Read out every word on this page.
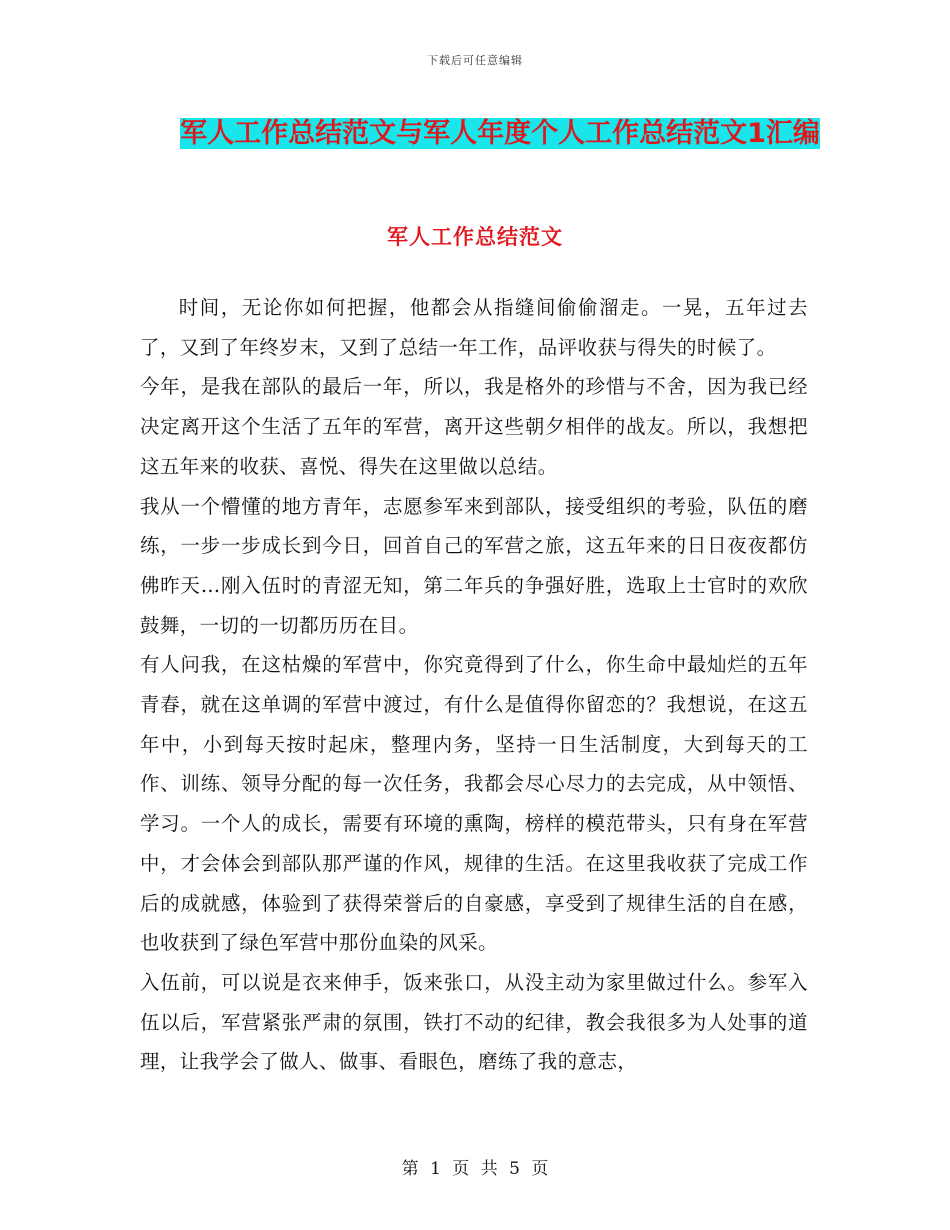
下载后可任意编辑
军人工作总结范文与军人年度个人工作总结范文1汇编
军人工作总结范文

时间，无论你如何把握，他都会从指缝间偷偷溜走。一晃，五年过去了，又到了年终岁末，又到了总结一年工作，品评收获与得失的时候了。

今年，是我在部队的最后一年，所以，我是格外的珍惜与不舍，因为我已经决定离开这个生活了五年的军营，离开这些朝夕相伴的战友。所以，我想把这五年来的收获、喜悦、得失在这里做以总结。

我从一个懵懂的地方青年，志愿参军来到部队，接受组织的考验，队伍的磨练，一步一步成长到今日，回首自己的军营之旅，这五年来的日日夜夜都仿佛昨天…刚入伍时的青涩无知，第二年兵的争强好胜，选取上士官时的欢欣鼓舞，一切的一切都历历在目。

有人问我，在这枯燥的军营中，你究竟得到了什么，你生命中最灿烂的五年青春，就在这单调的军营中渡过，有什么是值得你留恋的？我想说，在这五年中，小到每天按时起床，整理内务，坚持一日生活制度，大到每天的工作、训练、领导分配的每一次任务，我都会尽心尽力的去完成，从中领悟、学习。一个人的成长，需要有环境的熏陶，榜样的模范带头，只有身在军营中，才会体会到部队那严谨的作风，规律的生活。在这里我收获了完成工作后的成就感，体验到了获得荣誉后的自豪感，享受到了规律生活的自在感，也收获到了绿色军营中那份血染的风采。

入伍前，可以说是衣来伸手，饭来张口，从没主动为家里做过什么。参军入伍以后，军营紧张严肃的氛围，铁打不动的纪律，教会我很多为人处事的道理，让我学会了做人、做事、看眼色，磨练了我的意志，

第 1 页 共 5 页
